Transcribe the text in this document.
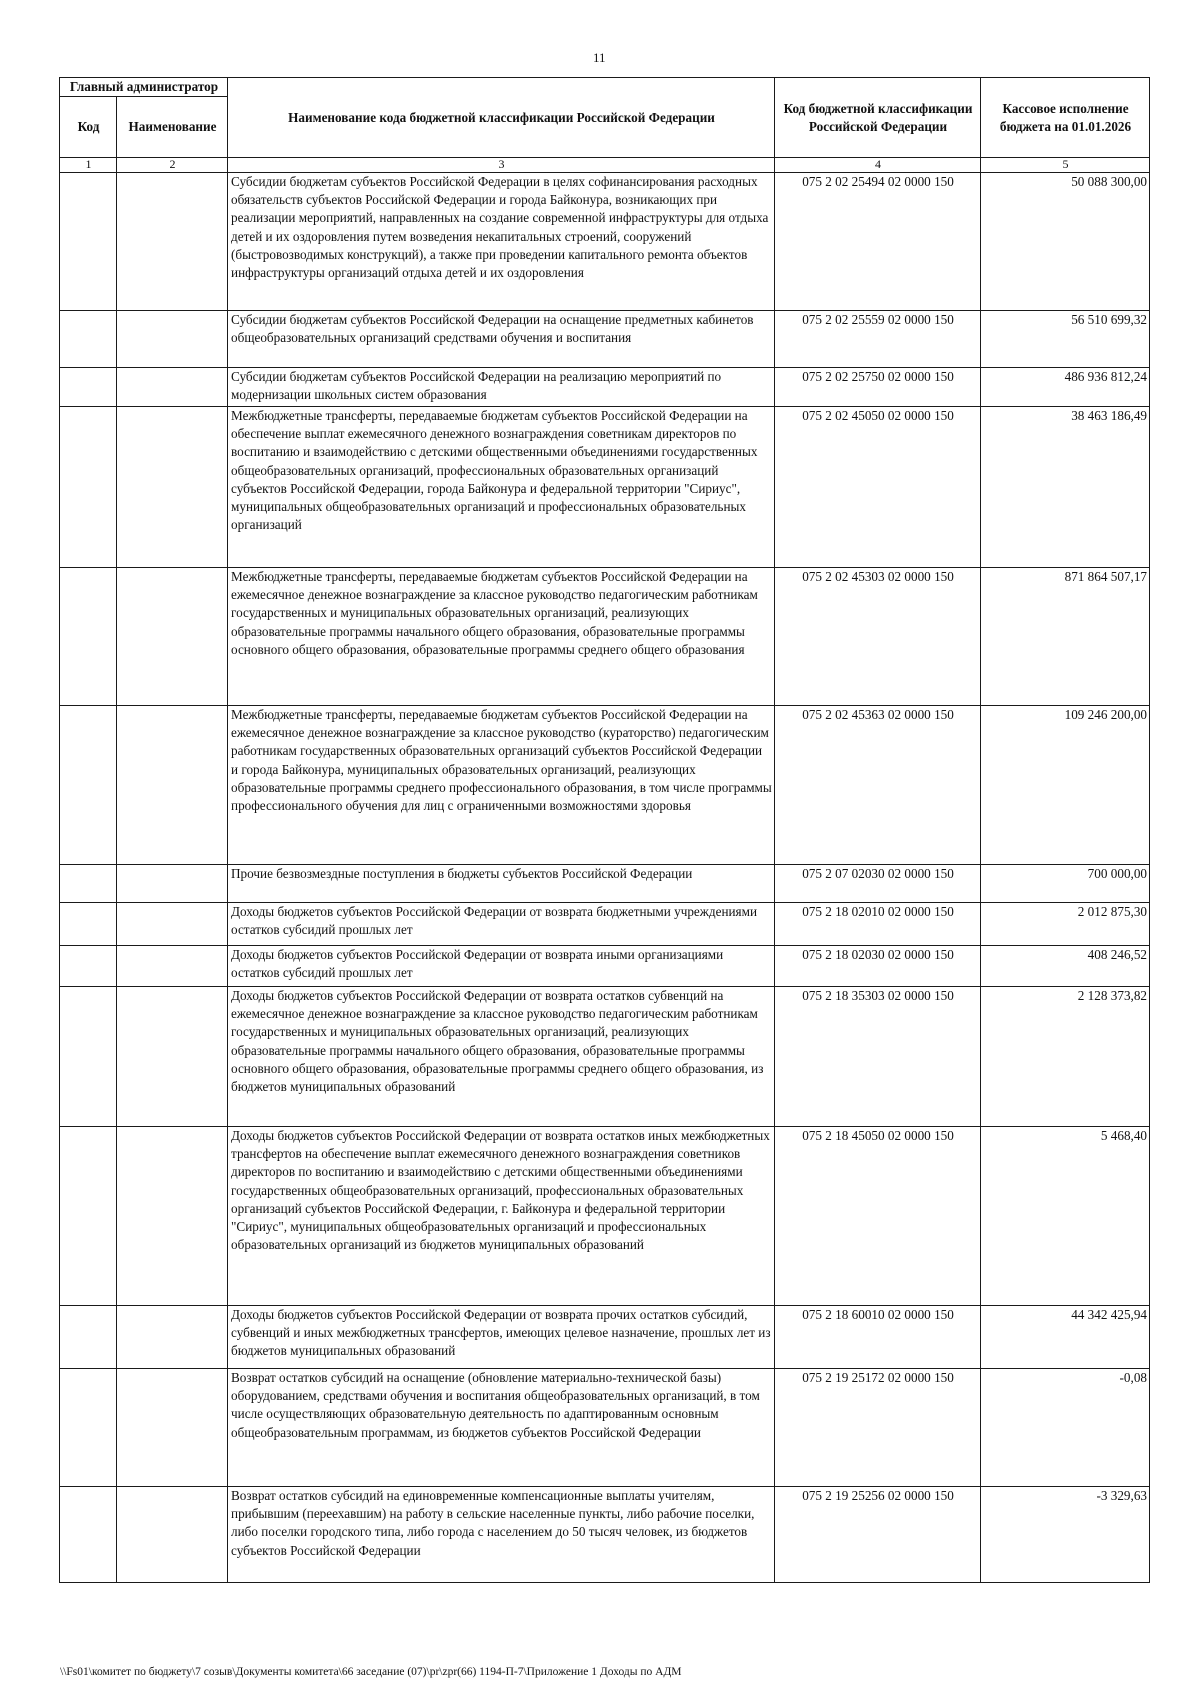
11
Главный администратор		Наименование кода бюджетной классификации Российской Федерации	Код бюджетной классификации Российской Федерации	Кассовое исполнение бюджета на 01.01.2026
Код	Наименование			
1	2	3	4	5
		Субсидии бюджетам субъектов Российской Федерации в целях софинансирования расходных обязательств субъектов Российской Федерации и города Байконура, возникающих при реализации мероприятий, направленных на создание современной инфраструктуры для отдыха детей и их оздоровления путем возведения некапитальных строений, сооружений (быстровозводимых конструкций), а также при проведении капитального ремонта объектов инфраструктуры организаций отдыха детей и их оздоровления	075 2 02 25494 02 0000 150	50 088 300,00
		Субсидии бюджетам субъектов Российской Федерации на оснащение предметных кабинетов общеобразовательных организаций средствами обучения и воспитания	075 2 02 25559 02 0000 150	56 510 699,32
		Субсидии бюджетам субъектов Российской Федерации на реализацию мероприятий по модернизации школьных систем образования	075 2 02 25750 02 0000 150	486 936 812,24
		Межбюджетные трансферты, передаваемые бюджетам субъектов Российской Федерации на обеспечение выплат ежемесячного денежного вознаграждения советникам директоров по воспитанию и взаимодействию с детскими общественными объединениями государственных общеобразовательных организаций, профессиональных образовательных организаций субъектов Российской Федерации, города Байконура и федеральной территории "Сириус", муниципальных общеобразовательных организаций и профессиональных образовательных организаций	075 2 02 45050 02 0000 150	38 463 186,49
		Межбюджетные трансферты, передаваемые бюджетам субъектов Российской Федерации на ежемесячное денежное вознаграждение за классное руководство педагогическим работникам государственных и муниципальных образовательных организаций, реализующих образовательные программы начального общего образования, образовательные программы основного общего образования, образовательные программы среднего общего образования	075 2 02 45303 02 0000 150	871 864 507,17
		Межбюджетные трансферты, передаваемые бюджетам субъектов Российской Федерации на ежемесячное денежное вознаграждение за классное руководство (кураторство) педагогическим работникам государственных образовательных организаций субъектов Российской Федерации и города Байконура, муниципальных образовательных организаций, реализующих образовательные программы среднего профессионального образования, в том числе программы профессионального обучения для лиц с ограниченными возможностями здоровья	075 2 02 45363 02 0000 150	109 246 200,00
		Прочие безвозмездные поступления в бюджеты субъектов Российской Федерации	075 2 07 02030 02 0000 150	700 000,00
		Доходы бюджетов субъектов Российской Федерации от возврата бюджетными учреждениями остатков субсидий прошлых лет	075 2 18 02010 02 0000 150	2 012 875,30
		Доходы бюджетов субъектов Российской Федерации от возврата иными организациями остатков субсидий прошлых лет	075 2 18 02030 02 0000 150	408 246,52
		Доходы бюджетов субъектов Российской Федерации от возврата остатков субвенций на ежемесячное денежное вознаграждение за классное руководство педагогическим работникам государственных и муниципальных образовательных организаций, реализующих образовательные программы начального общего образования, образовательные программы основного общего образования, образовательные программы среднего общего образования, из бюджетов муниципальных образований	075 2 18 35303 02 0000 150	2 128 373,82
		Доходы бюджетов субъектов Российской Федерации от возврата остатков иных межбюджетных трансфертов на обеспечение выплат ежемесячного денежного вознаграждения советников директоров по воспитанию и взаимодействию с детскими общественными объединениями государственных общеобразовательных организаций, профессиональных образовательных организаций субъектов Российской Федерации, г. Байконура и федеральной территории "Сириус", муниципальных общеобразовательных организаций и профессиональных образовательных организаций из бюджетов муниципальных образований	075 2 18 45050 02 0000 150	5 468,40
		Доходы бюджетов субъектов Российской Федерации от возврата прочих остатков субсидий, субвенций и иных межбюджетных трансфертов, имеющих целевое назначение, прошлых лет из бюджетов муниципальных образований	075 2 18 60010 02 0000 150	44 342 425,94
		Возврат остатков субсидий на оснащение (обновление материально-технической базы) оборудованием, средствами обучения и воспитания общеобразовательных организаций, в том числе осуществляющих образовательную деятельность по адаптированным основным общеобразовательным программам, из бюджетов субъектов Российской Федерации	075 2 19 25172 02 0000 150	-0,08
		Возврат остатков субсидий на единовременные компенсационные выплаты учителям, прибывшим (переехавшим) на работу в сельские населенные пункты, либо рабочие поселки, либо поселки городского типа, либо города с населением до 50 тысяч человек, из бюджетов субъектов Российской Федерации	075 2 19 25256 02 0000 150	-3 329,63
\\Fs01\комитет по бюджету\7 созыв\Документы комитета\66 заседание (07)\pr\zpr(66) 1194-П-7\Приложение 1 Доходы по АДМ
